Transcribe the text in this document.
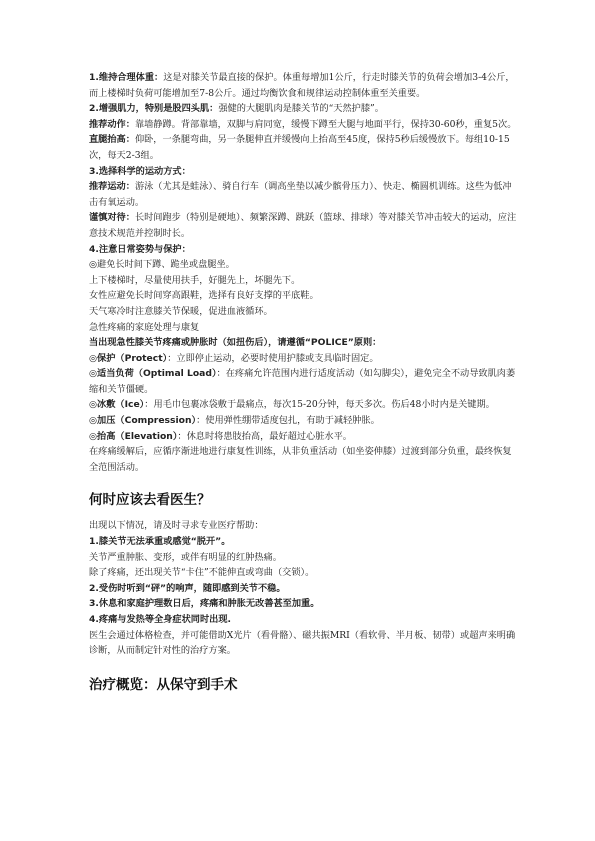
1.维持合理体重：这是对膝关节最直接的保护。体重每增加1公斤，行走时膝关节的负荷会增加3-4公斤，而上楼梯时负荷可能增加至7-8公斤。通过均衡饮食和规律运动控制体重至关重要。

2.增强肌力，特别是股四头肌：强健的大腿肌肉是膝关节的“天然护膝”。

推荐动作：靠墙静蹲。背部靠墙，双脚与肩同宽，缓慢下蹲至大腿与地面平行，保持30-60秒，重复5次。

直腿抬高：仰卧，一条腿弯曲，另一条腿伸直并缓慢向上抬高至45度，保持5秒后缓慢放下。每组10-15次，每天2-3组。

3.选择科学的运动方式：

推荐运动：游泳（尤其是蛙泳）、骑自行车（调高坐垫以减少髌骨压力）、快走、椭圆机训练。这些为低冲击有氧运动。

谨慎对待：长时间跑步（特别是硬地）、频繁深蹲、跳跃（篮球、排球）等对膝关节冲击较大的运动，应注意技术规范并控制时长。

4.注意日常姿势与保护：

◎避免长时间下蹲、跪坐或盘腿坐。

上下楼梯时，尽量使用扶手，好腿先上，坏腿先下。

女性应避免长时间穿高跟鞋，选择有良好支撑的平底鞋。

天气寒冷时注意膝关节保暖，促进血液循环。

急性疼痛的家庭处理与康复

当出现急性膝关节疼痛或肿胀时（如扭伤后），请遵循“POLICE”原则：

◎保护（Protect）：立即停止运动，必要时使用护膝或支具临时固定。

◎适当负荷（Optimal Load）：在疼痛允许范围内进行适度活动（如勾脚尖），避免完全不动导致肌肉萎缩和关节僵硬。

◎冰敷（Ice）：用毛巾包裹冰袋敷于最痛点，每次15-20分钟，每天多次。伤后48小时内是关键期。

◎加压（Compression）：使用弹性绷带适度包扎，有助于减轻肿胀。

◎抬高（Elevation）：休息时将患肢抬高，最好超过心脏水平。

在疼痛缓解后，应循序渐进地进行康复性训练，从非负重活动（如坐姿伸膝）过渡到部分负重，最终恢复全范围活动。

何时应该去看医生？

出现以下情况，请及时寻求专业医疗帮助：

1.膝关节无法承重或感觉“脱开”。

关节严重肿胀、变形，或伴有明显的红肿热痛。

除了疼痛，还出现关节“卡住”不能伸直或弯曲（交锁）。

2.受伤时听到“砰”的响声，随即感到关节不稳。

3.休息和家庭护理数日后，疼痛和肿胀无改善甚至加重。

4.疼痛与发热等全身症状同时出现.

医生会通过体格检查，并可能借助X光片（看骨骼）、磁共振MRI（看软骨、半月板、韧带）或超声来明确诊断，从而制定针对性的治疗方案。

治疗概览：从保守到手术
